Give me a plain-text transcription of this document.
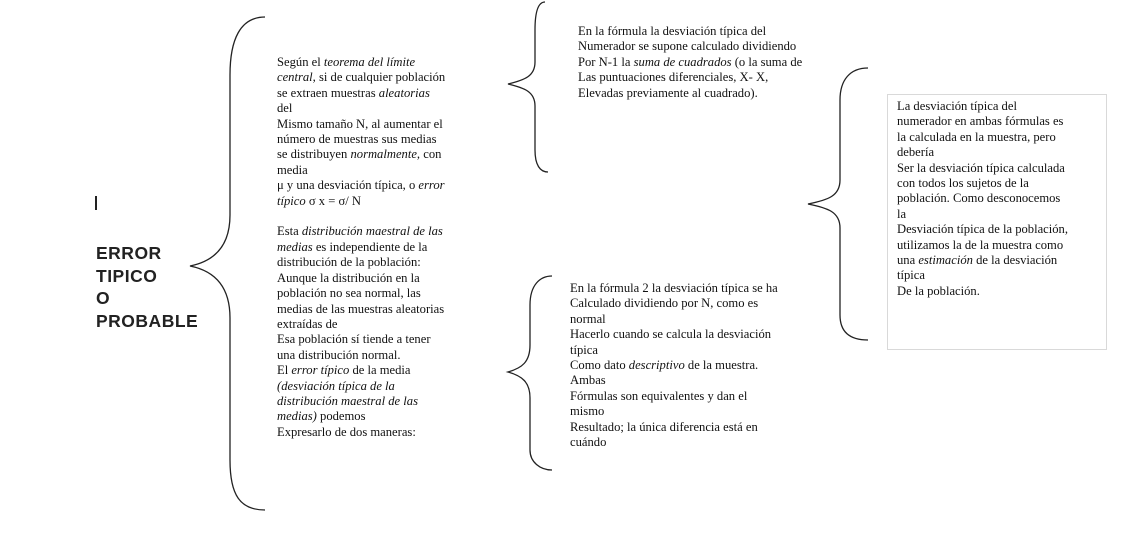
ERROR
TIPICO
O
PROBABLE
Según el teorema del límite
central, si de cualquier población
se extraen muestras aleatorias
del
Mismo tamaño N, al aumentar el
número de muestras sus medias
se distribuyen normalmente, con
media
μ y una desviación típica, o error
típico σ x = σ/ N

Esta distribución maestral de las
medias es independiente de la
distribución de la población:
Aunque la distribución en la
población no sea normal, las
medias de las muestras aleatorias
extraídas de
Esa población sí tiende a tener
una distribución normal.
El error típico de la media
(desviación típica de la
distribución maestral de las
medias) podemos
Expresarlo de dos maneras:
En la fórmula la desviación típica del
Numerador se supone calculado dividiendo
Por N-1 la suma de cuadrados (o la suma de
Las puntuaciones diferenciales, X- X,
Elevadas previamente al cuadrado).
En la fórmula 2 la desviación típica se ha
Calculado dividiendo por N, como es
normal
Hacerlo cuando se calcula la desviación
típica
Como dato descriptivo de la muestra.
Ambas
Fórmulas son equivalentes y dan el
mismo
Resultado; la única diferencia está en
cuándo
La desviación típica del
numerador en ambas fórmulas es
la calculada en la muestra, pero
debería
Ser la desviación típica calculada
con todos los sujetos de la
población. Como desconocemos
la
Desviación típica de la población,
utilizamos la de la muestra como
una estimación de la desviación
típica
De la población.
